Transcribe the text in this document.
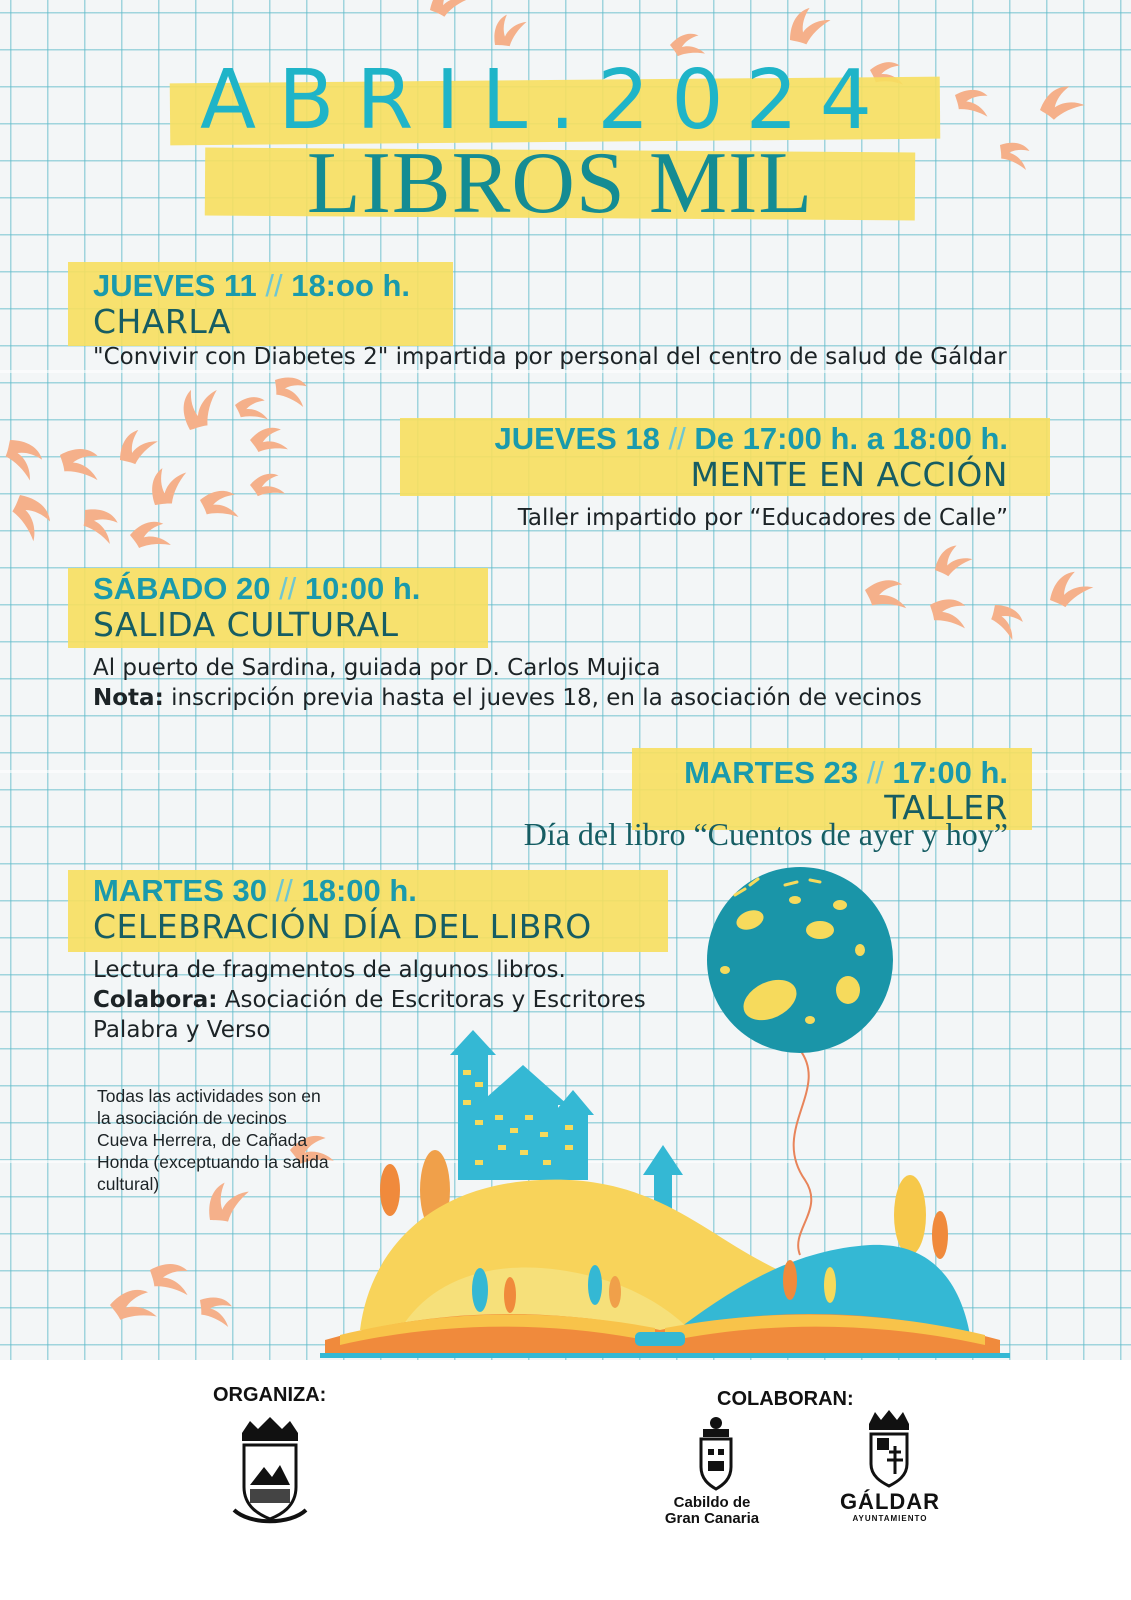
ABRIL.2024
LIBROS MIL
JUEVES 11 // 18:oo h.
CHARLA
"Convivir con Diabetes 2" impartida por personal del centro de salud de Gáldar
JUEVES 18 // De 17:00 h. a 18:00 h.
MENTE EN ACCIÓN
Taller impartido por “Educadores de Calle”
SÁBADO 20 // 10:00 h.
SALIDA CULTURAL
Al puerto de Sardina, guiada por D. Carlos Mujica
Nota: inscripción previa hasta el jueves 18, en la asociación de vecinos
MARTES 23 // 17:00 h.
TALLER
Día del libro “Cuentos de ayer y hoy”
MARTES 30 // 18:00 h.
CELEBRACIÓN DÍA DEL LIBRO
Lectura de fragmentos de algunos libros.
Colabora: Asociación de Escritoras y Escritores Palabra y Verso
Todas las actividades son en la asociación de vecinos Cueva Herrera, de Cañada Honda (exceptuando la salida cultural)
ORGANIZA:	COLABORAN:
Cabildo de
Gran Canaria
GÁLDAR
AYUNTAMIENTO
